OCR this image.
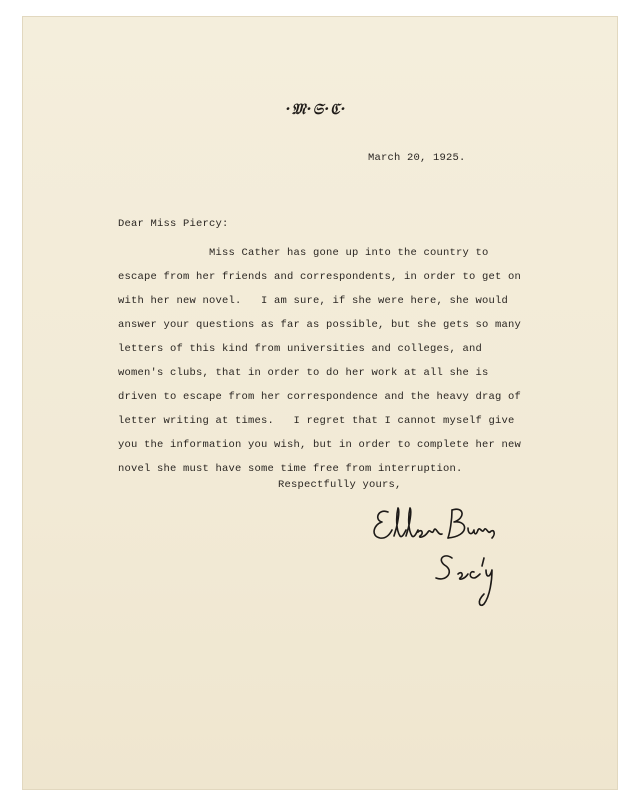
·𝔐·𝔖·ℭ·
March 20, 1925.
Dear Miss Piercy:
Miss Cather has gone up into the country to
escape from her friends and correspondents, in order to get on
with her new novel.   I am sure, if she were here, she would
answer your questions as far as possible, but she gets so many
letters of this kind from universities and colleges, and
women's clubs, that in order to do her work at all she is
driven to escape from her correspondence and the heavy drag of
letter writing at times.   I regret that I cannot myself give
you the information you wish, but in order to complete her new
novel she must have some time free from interruption.
Respectfully yours,
